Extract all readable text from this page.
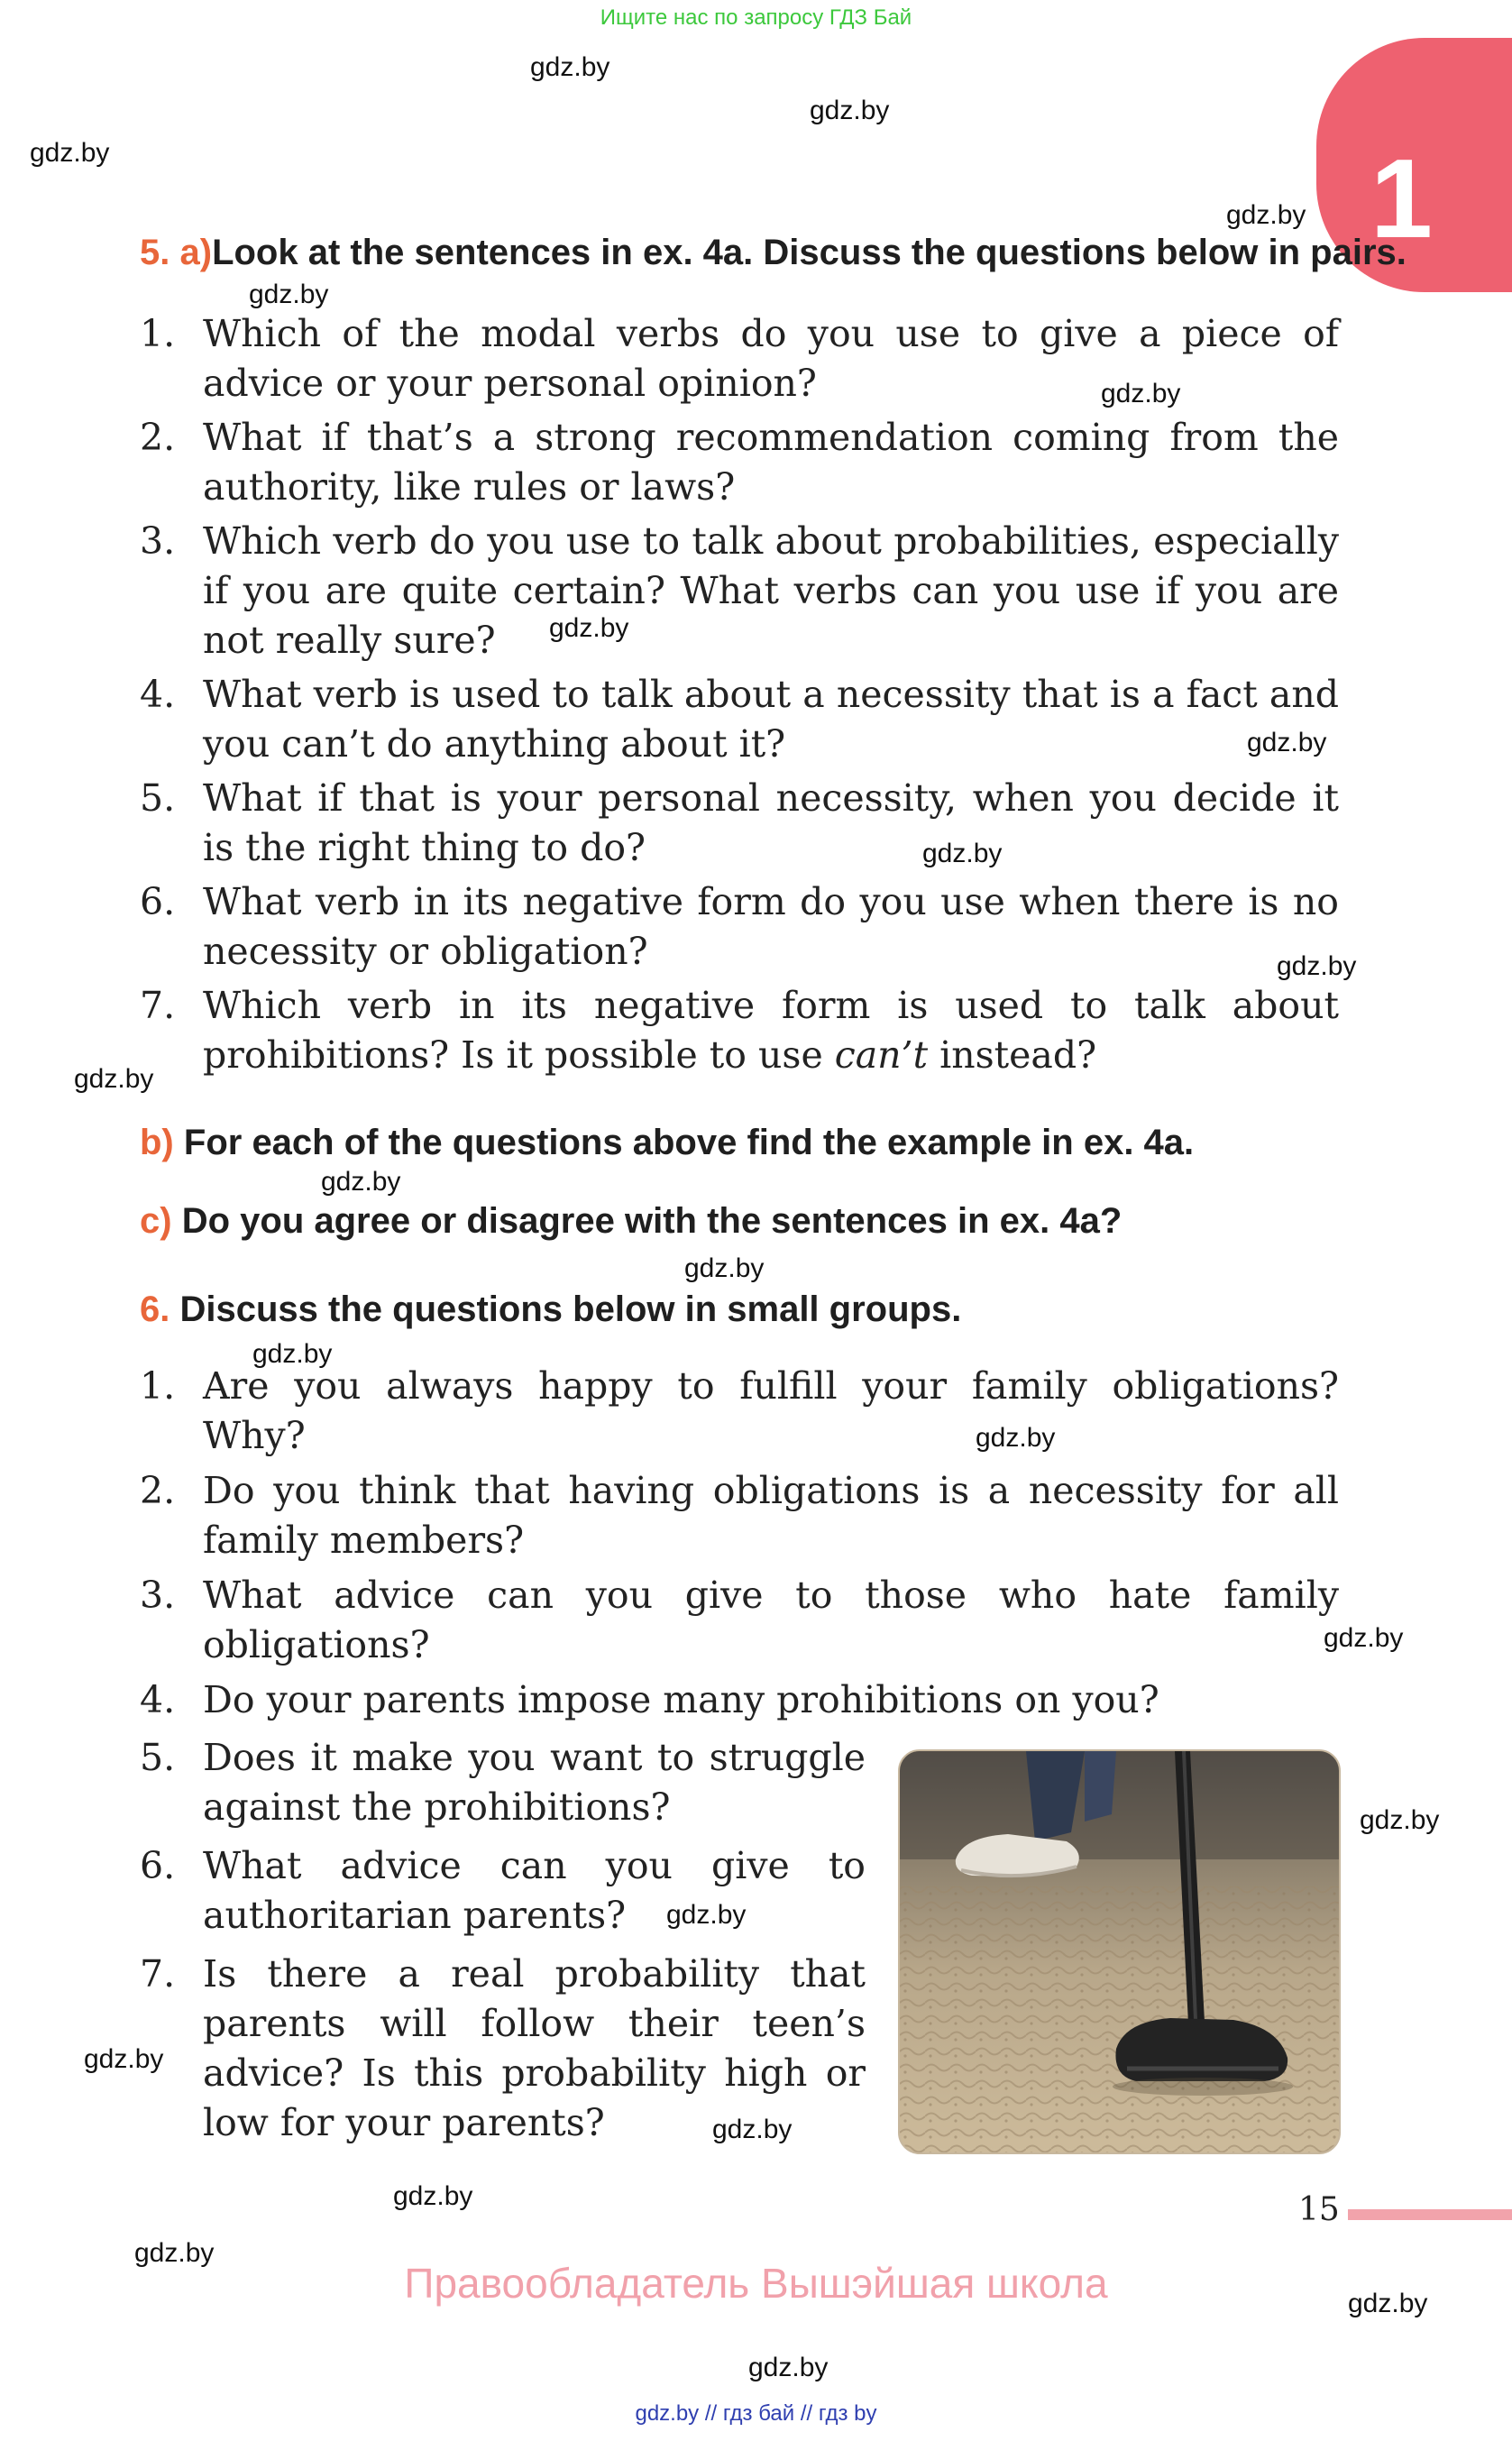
Ищите нас по запросу ГДЗ Бай
1
gdz.by
gdz.by
gdz.by
gdz.by
gdz.by
gdz.by
gdz.by
gdz.by
gdz.by
gdz.by
gdz.by
gdz.by
gdz.by
gdz.by
gdz.by
gdz.by
gdz.by
gdz.by
gdz.by
gdz.by
gdz.by
gdz.by
gdz.by
gdz.by
5. a)Look at the sentences in ex. 4a. Discuss the questions below in pairs.
1. Which of the modal verbs do you use to give a piece of advice or your personal opinion?
2. What if that’s a strong recommendation coming from the authority, like rules or laws?
3. Which verb do you use to talk about probabilities, especially if you are quite certain? What verbs can you use if you are not really sure?
4. What verb is used to talk about a necessity that is a fact and you can’t do anything about it?
5. What if that is your personal necessity, when you decide it is the right thing to do?
6. What verb in its negative form do you use when there is no necessity or obligation?
7. Which verb in its negative form is used to talk about prohibitions? Is it possible to use can’t instead?
b) For each of the questions above find the example in ex. 4a.
c) Do you agree or disagree with the sentences in ex. 4a?
6. Discuss the questions below in small groups.
1. Are you always happy to fulfill your family obligations? Why?
2. Do you think that having obligations is a necessity for all family members?
3. What advice can you give to those who hate family obligations?
4. Do your parents impose many prohibitions on you?
5. Does it make you want to struggle against the prohibitions?
6. What advice can you give to authoritarian parents?
7. Is there a real probability that parents will follow their teen’s advice? Is this probability high or low for your parents?
15
Правообладатель Вышэйшая школа
gdz.by // гдз бай // гдз by
